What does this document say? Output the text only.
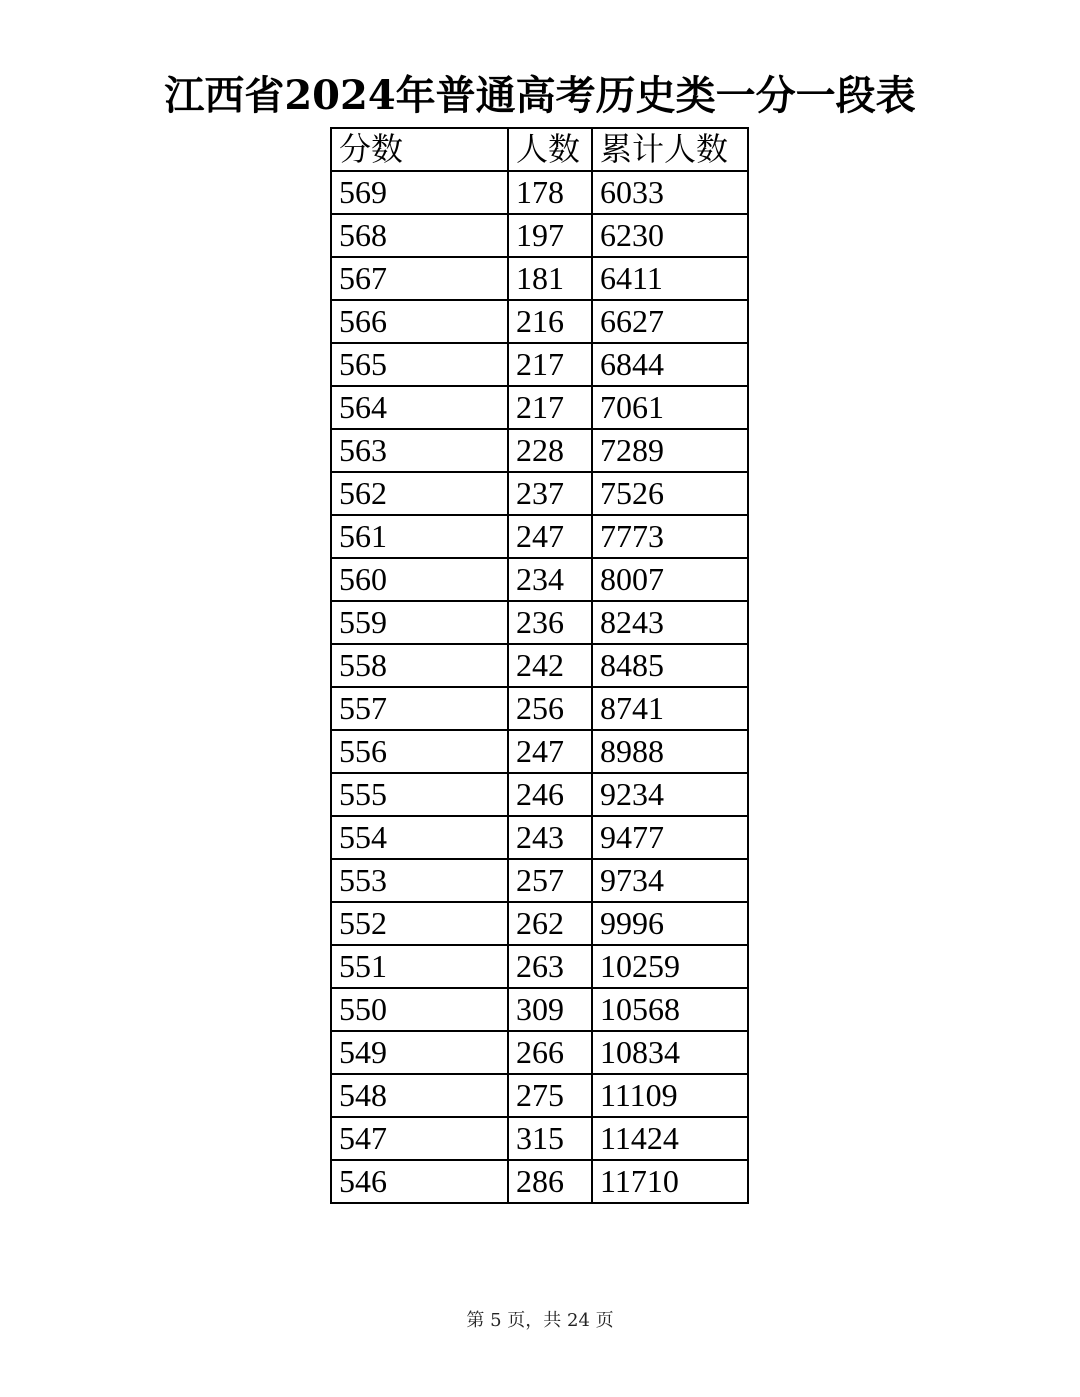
江西省2024年普通高考历史类一分一段表
分数	人数	累计人数
569	178	6033
568	197	6230
567	181	6411
566	216	6627
565	217	6844
564	217	7061
563	228	7289
562	237	7526
561	247	7773
560	234	8007
559	236	8243
558	242	8485
557	256	8741
556	247	8988
555	246	9234
554	243	9477
553	257	9734
552	262	9996
551	263	10259
550	309	10568
549	266	10834
548	275	11109
547	315	11424
546	286	11710
第 5 页，共 24 页
